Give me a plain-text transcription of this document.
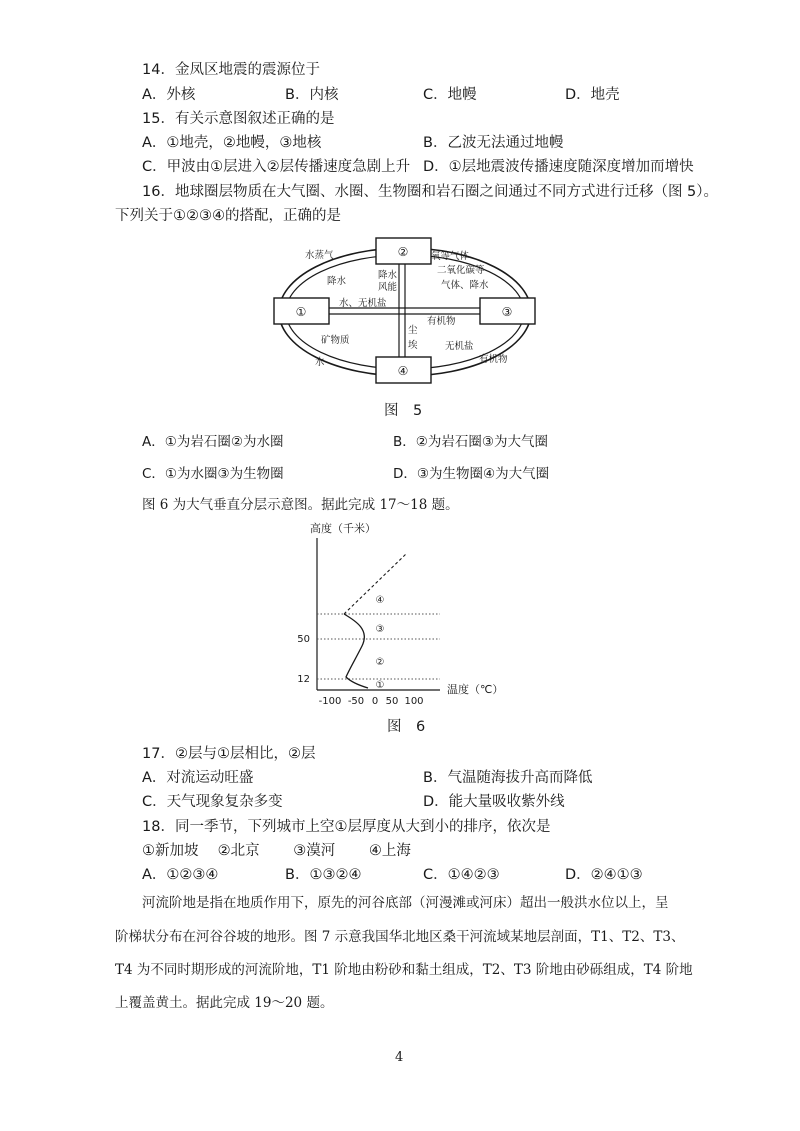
14．金凤区地震的震源位于
A．外核	B．内核	C．地幔	D．地壳
15．有关示意图叙述正确的是
A．①地壳，②地幔，③地核	B．乙波无法通过地幔
C．甲波由①层进入②层传播速度急剧上升 D．①层地震波传播速度随深度增加而增快
16．地球圈层物质在大气圈、水圈、生物圈和岩石圈之间通过不同方式进行迁移（图 5）。
下列关于①②③④的搭配，正确的是
②
①	③
④
水蒸气
降水
降水
风能
氧等气体
二氧化碳等
气体、降水
水、无机盐
有机物
尘
埃
矿物质
水
无机盐
有机物
图　5
A．①为岩石圈②为水圈	B．②为岩石圈③为大气圈
C．①为水圈③为生物圈	D．③为生物圈④为大气圈
图 6 为大气垂直分层示意图。据此完成 17～18 题。
高度（千米）
④
③
②
①
50
12
-100 -50 0 50 100
温度（℃）
图　6
17．②层与①层相比，②层
A．对流运动旺盛	B．气温随海拔升高而降低
C．天气现象复杂多变	D．能大量吸收紫外线
18．同一季节，下列城市上空①层厚度从大到小的排序，依次是
①新加坡　 ②北京　　 ③漠河　　 ④上海
A．①②③④	B．①③②④	C．①④②③	D．②④①③
河流阶地是指在地质作用下，原先的河谷底部（河漫滩或河床）超出一般洪水位以上，呈
阶梯状分布在河谷谷坡的地形。图 7 示意我国华北地区桑干河流域某地层剖面，T1、T2、T3、
T4 为不同时期形成的河流阶地，T1 阶地由粉砂和黏土组成，T2、T3 阶地由砂砾组成，T4 阶地
上覆盖黄土。据此完成 19～20 题。
4
